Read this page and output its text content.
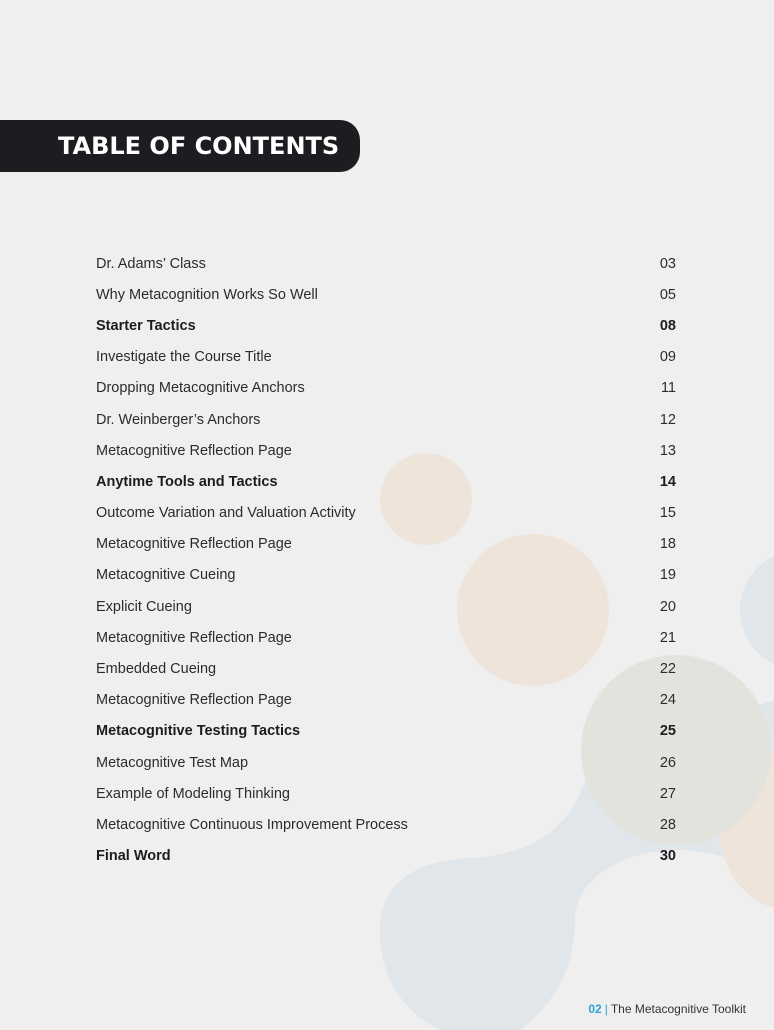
TABLE OF CONTENTS
Dr. Adams’ Class	03
Why Metacognition Works So Well	05
Starter Tactics	08
Investigate the Course Title	09
Dropping Metacognitive Anchors	11
Dr. Weinberger’s Anchors	12
Metacognitive Reflection Page	13
Anytime Tools and Tactics	14
Outcome Variation and Valuation Activity	15
Metacognitive Reflection Page	18
Metacognitive Cueing	19
Explicit Cueing	20
Metacognitive Reflection Page	21
Embedded Cueing	22
Metacognitive Reflection Page	24
Metacognitive Testing Tactics	25
Metacognitive Test Map	26
Example of Modeling Thinking	27
Metacognitive Continuous Improvement Process	28
Final Word	30
02 | The Metacognitive Toolkit
